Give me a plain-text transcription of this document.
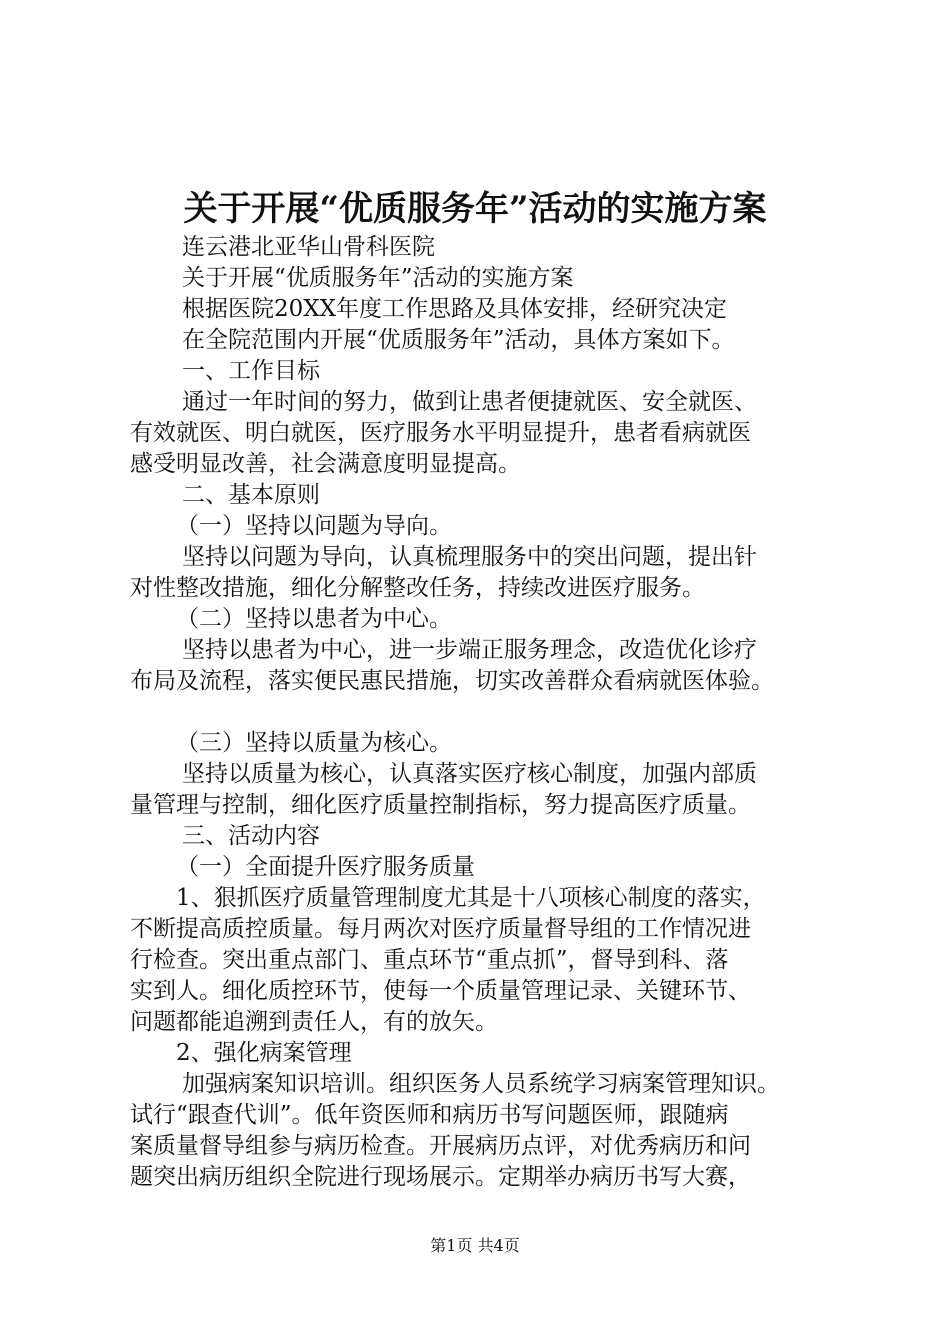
关于开展“优质服务年”活动的实施方案
连云港北亚华山骨科医院
关于开展“优质服务年”活动的实施方案
根据医院20XX年度工作思路及具体安排，经研究决定
在全院范围内开展“优质服务年”活动，具体方案如下。
一、工作目标
通过一年时间的努力，做到让患者便捷就医、安全就医、
有效就医、明白就医，医疗服务水平明显提升，患者看病就医
感受明显改善，社会满意度明显提高。
二、基本原则
（一）坚持以问题为导向。
坚持以问题为导向，认真梳理服务中的突出问题，提出针
对性整改措施，细化分解整改任务，持续改进医疗服务。
（二）坚持以患者为中心。
坚持以患者为中心，进一步端正服务理念，改造优化诊疗
布局及流程，落实便民惠民措施，切实改善群众看病就医体验。
（三）坚持以质量为核心。
坚持以质量为核心，认真落实医疗核心制度，加强内部质
量管理与控制，细化医疗质量控制指标，努力提高医疗质量。
三、活动内容
（一）全面提升医疗服务质量
1、狠抓医疗质量管理制度尤其是十八项核心制度的落实，
不断提高质控质量。每月两次对医疗质量督导组的工作情况进
行检查。突出重点部门、重点环节“重点抓”，督导到科、落
实到人。细化质控环节，使每一个质量管理记录、关键环节、
问题都能追溯到责任人，有的放矢。
2、强化病案管理
加强病案知识培训。组织医务人员系统学习病案管理知识。
试行“跟查代训”。低年资医师和病历书写问题医师，跟随病
案质量督导组参与病历检查。开展病历点评，对优秀病历和问
题突出病历组织全院进行现场展示。定期举办病历书写大赛，
第1页 共4页
